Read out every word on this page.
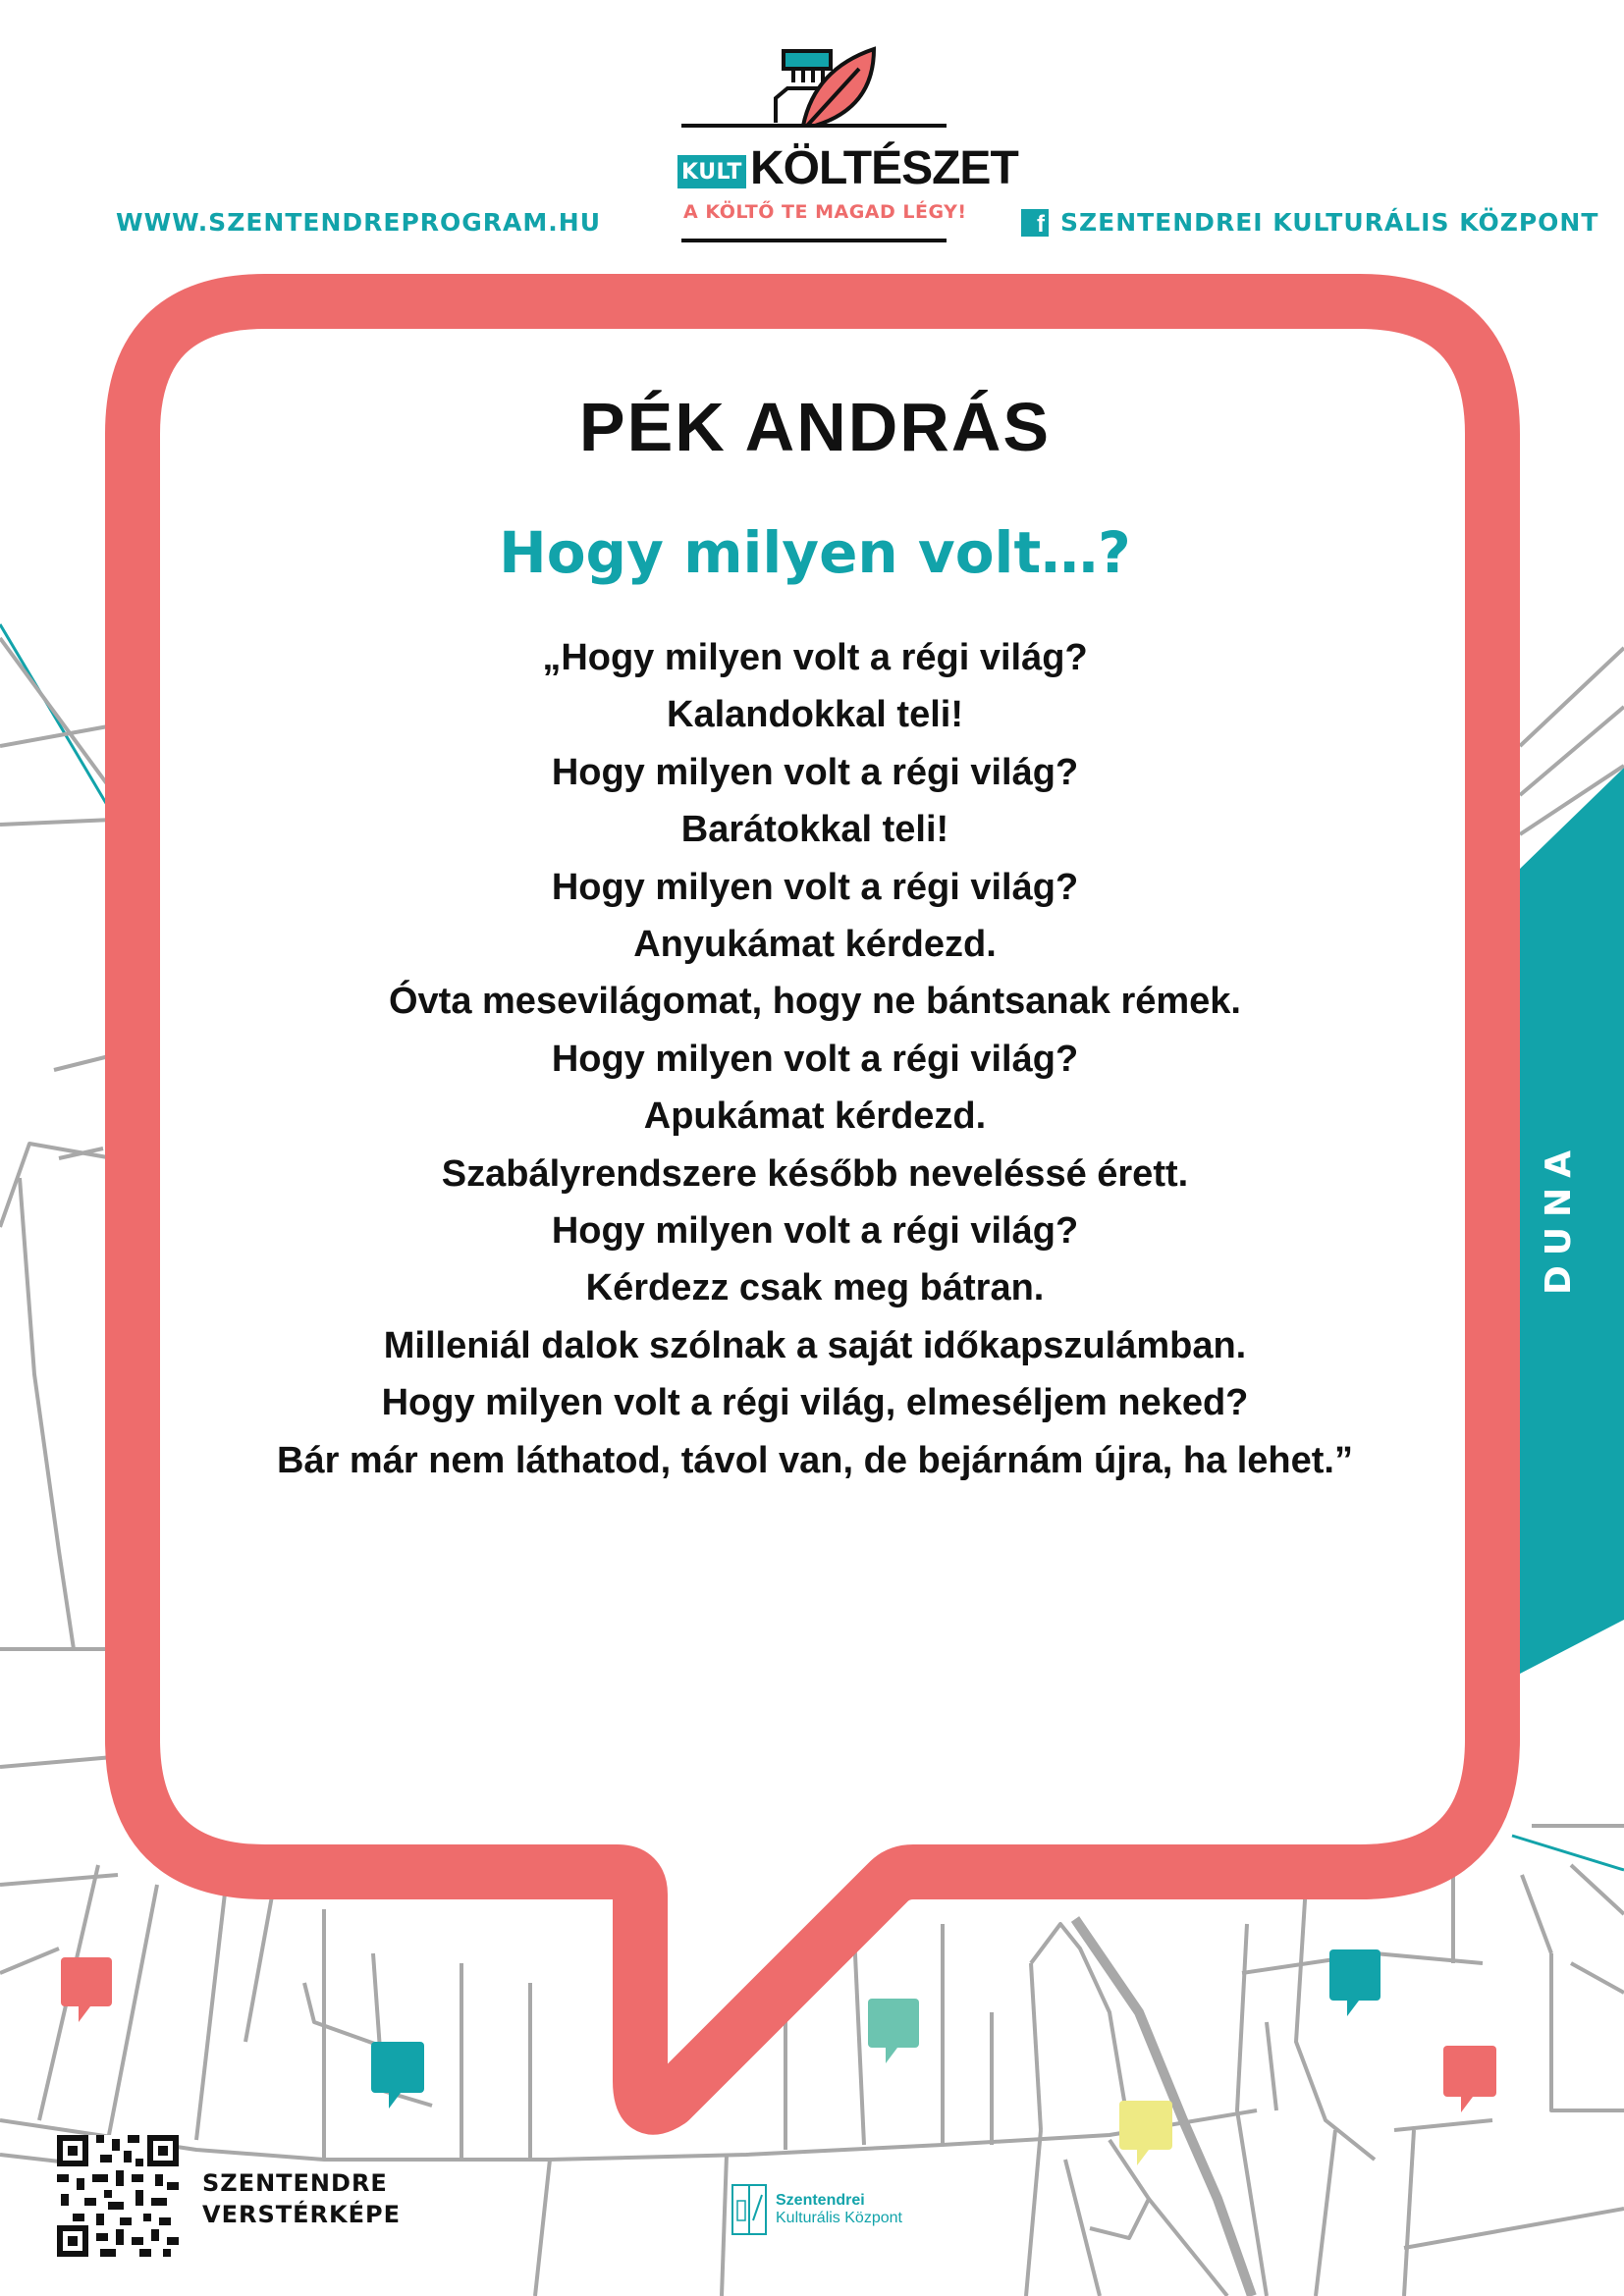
WWW.SZENTENDREPROGRAM.HU	f SZENTENDREI KULTURÁLIS KÖZPONT
KULT KÖLTÉSZET
A KÖLTŐ TE MAGAD LÉGY!
PÉK ANDRÁS
Hogy milyen volt…?
„Hogy milyen volt a régi világ?
Kalandokkal teli!
Hogy milyen volt a régi világ?
Barátokkal teli!
Hogy milyen volt a régi világ?
Anyukámat kérdezd.
Óvta mesevilágomat, hogy ne bántsanak rémek.
Hogy milyen volt a régi világ?
Apukámat kérdezd.
Szabályrendszere később neveléssé érett.
Hogy milyen volt a régi világ?
Kérdezz csak meg bátran.
Milleniál dalok szólnak a saját időkapszulámban.
Hogy milyen volt a régi világ, elmeséljem neked?
Bár már nem láthatod, távol van, de bejárnám újra, ha lehet.”
DUNA
SZENTENDRE
VERSTÉRKÉPE
Szentendrei
Kulturális Központ
